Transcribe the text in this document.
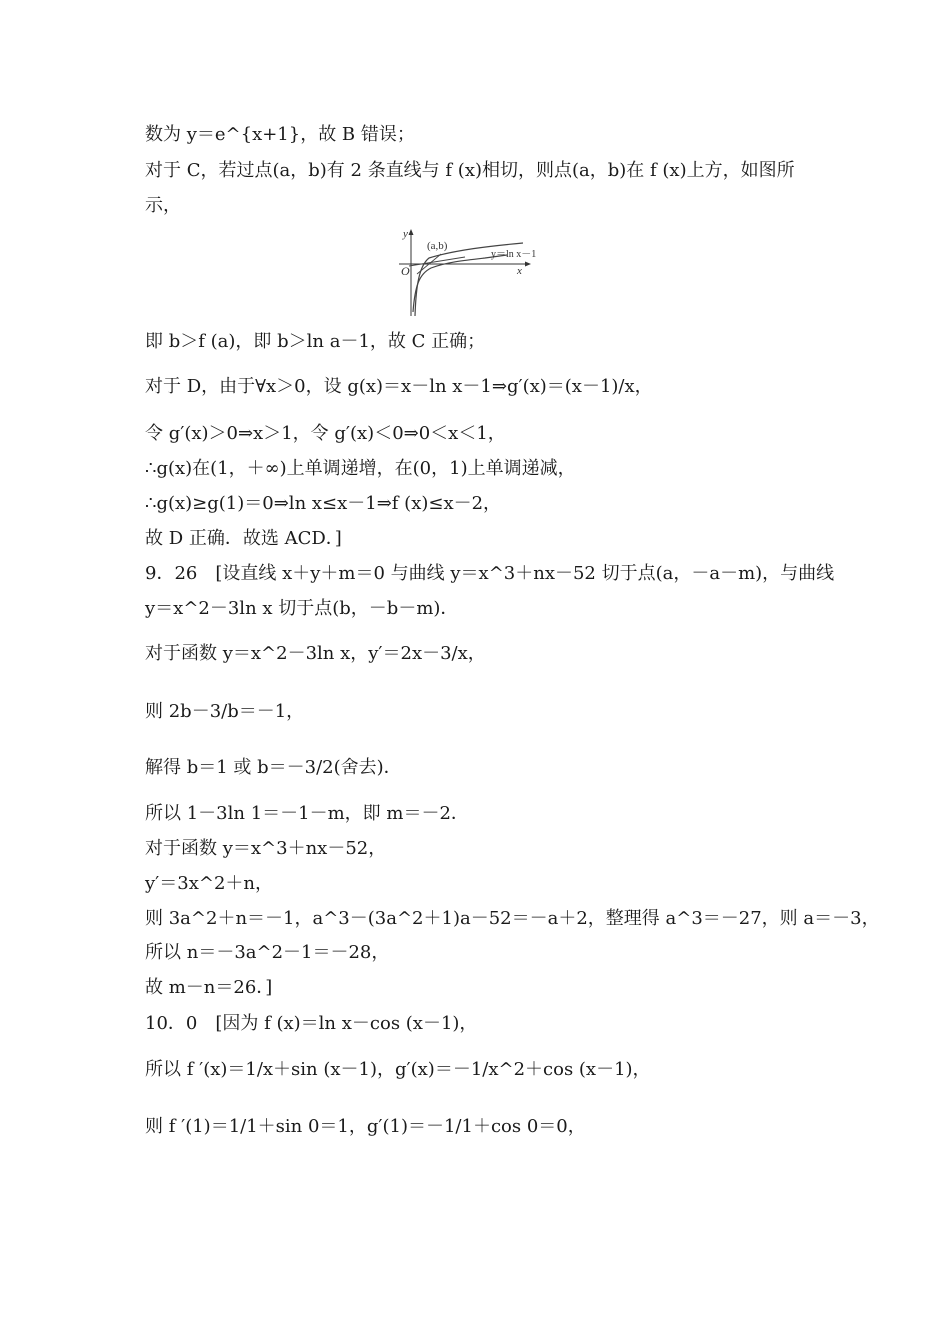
数为 y＝e^{x+1}，故 B 错误；
对于 C，若过点(a，b)有 2 条直线与 f (x)相切，则点(a，b)在 f (x)上方，如图所
示，
y
x
O
(a,b)
y＝ln x－1
即 b＞f (a)，即 b＞ln a－1，故 C 正确；
对于 D，由于∀x＞0，设 g(x)＝x－ln x－1⇒g′(x)＝(x－1)/x，
令 g′(x)＞0⇒x＞1，令 g′(x)＜0⇒0＜x＜1，
∴g(x)在(1，＋∞)上单调递增，在(0，1)上单调递减，
∴g(x)≥g(1)＝0⇒ln x≤x－1⇒f (x)≤x－2，
故 D 正确．故选 ACD．]
9．26　[设直线 x＋y＋m＝0 与曲线 y＝x^3＋nx－52 切于点(a，－a－m)，与曲线
y＝x^2－3ln x 切于点(b，－b－m)．
对于函数 y＝x^2－3ln x，y′＝2x－3/x，
则 2b－3/b＝－1，
解得 b＝1 或 b＝－3/2(舍去)．
所以 1－3ln 1＝－1－m，即 m＝－2．
对于函数 y＝x^3＋nx－52，
y′＝3x^2＋n，
则 3a^2＋n＝－1，a^3－(3a^2＋1)a－52＝－a＋2，整理得 a^3＝－27，则 a＝－3，
所以 n＝－3a^2－1＝－28，
故 m－n＝26．]
10．0　[因为 f (x)＝ln x－cos (x－1)，
所以 f ′(x)＝1/x＋sin (x－1)，g′(x)＝－1/x^2＋cos (x－1)，
则 f ′(1)＝1/1＋sin 0＝1，g′(1)＝－1/1＋cos 0＝0，
